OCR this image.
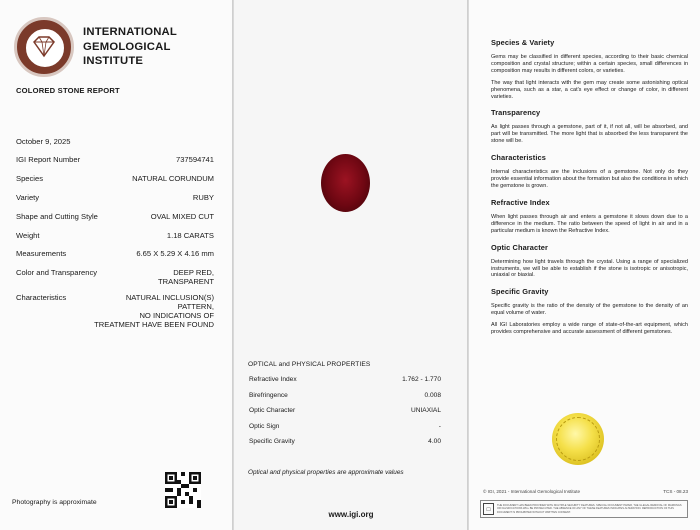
INTERNATIONAL
GEMOLOGICAL
INSTITUTE
COLORED STONE REPORT
October 9, 2025
IGI Report Number	737594741
Species	NATURAL CORUNDUM
Variety	RUBY
Shape and Cutting Style	OVAL MIXED CUT
Weight	1.18 CARATS
Measurements	6.65 X 5.29 X 4.16 mm
Color and Transparency	DEEP RED,
TRANSPARENT
Characteristics	NATURAL INCLUSION(S)
PATTERN,
NO INDICATIONS OF
TREATMENT HAVE BEEN FOUND
Photography is approximate
OPTICAL and PHYSICAL PROPERTIES
Refractive Index	1.762 - 1.770
Birefringence	0.008
Optic Character	UNIAXIAL
Optic Sign	-
Specific Gravity	4.00
Optical and physical properties are approximate values
www.igi.org
Species & Variety

Gems may be classified in different species, according to their basic chemical composition and crystal structure; within a certain species, small differences in composition may results in different colors, or varieties.

The way that light interacts with the gem may create some astonishing optical phenomena, such as a star, a cat's eye effect or change of color, in different varieties.

Transparency

As light passes through a gemstone, part of it, if not all, will be absorbed, and part will be transmitted. The more light that is absorbed the less transparent the stone will be.

Characteristics

Internal characteristics are the inclusions of a gemstone. Not only do they provide essential information about the formation but also the conditions in which the gemstone is grown.

Refractive Index

When light passes through air and enters a gemstone it slows down due to a difference in the medium. The ratio between the speed of light in air and in a particular medium is known the Refractive Index.

Optic Character

Determining how light travels through the crystal. Using a range of specialized instruments, we will be able to establish if the stone is isotropic or anisotropic, uniaxial or biaxial.

Specific Gravity

Specific gravity is the ratio of the density of the gemstone to the density of an equal volume of water.

All IGI Laboratories employ a wide range of state-of-the-art equipment, which provides comprehensive and accurate assessment of different gemstones.

© IGI, 2021 - International Gemological Institute	TCS - 08.23
□
THE DOCUMENT HAS BEEN PROVIDED WITH MULTIPLE SECURITY FEATURES. SPECIAL DOCUMENT PAPER, THE ILLEGAL REMOVAL OF MARKINGS OR FALSIFICATIONS WILL BE PROSECUTED. THE ABSENCE OF ANY OF THESE FEATURES INDICATES ALTERATION. REPRODUCTION OF THIS DOCUMENT IS PROHIBITED WITHOUT WRITTEN CONSENT.
